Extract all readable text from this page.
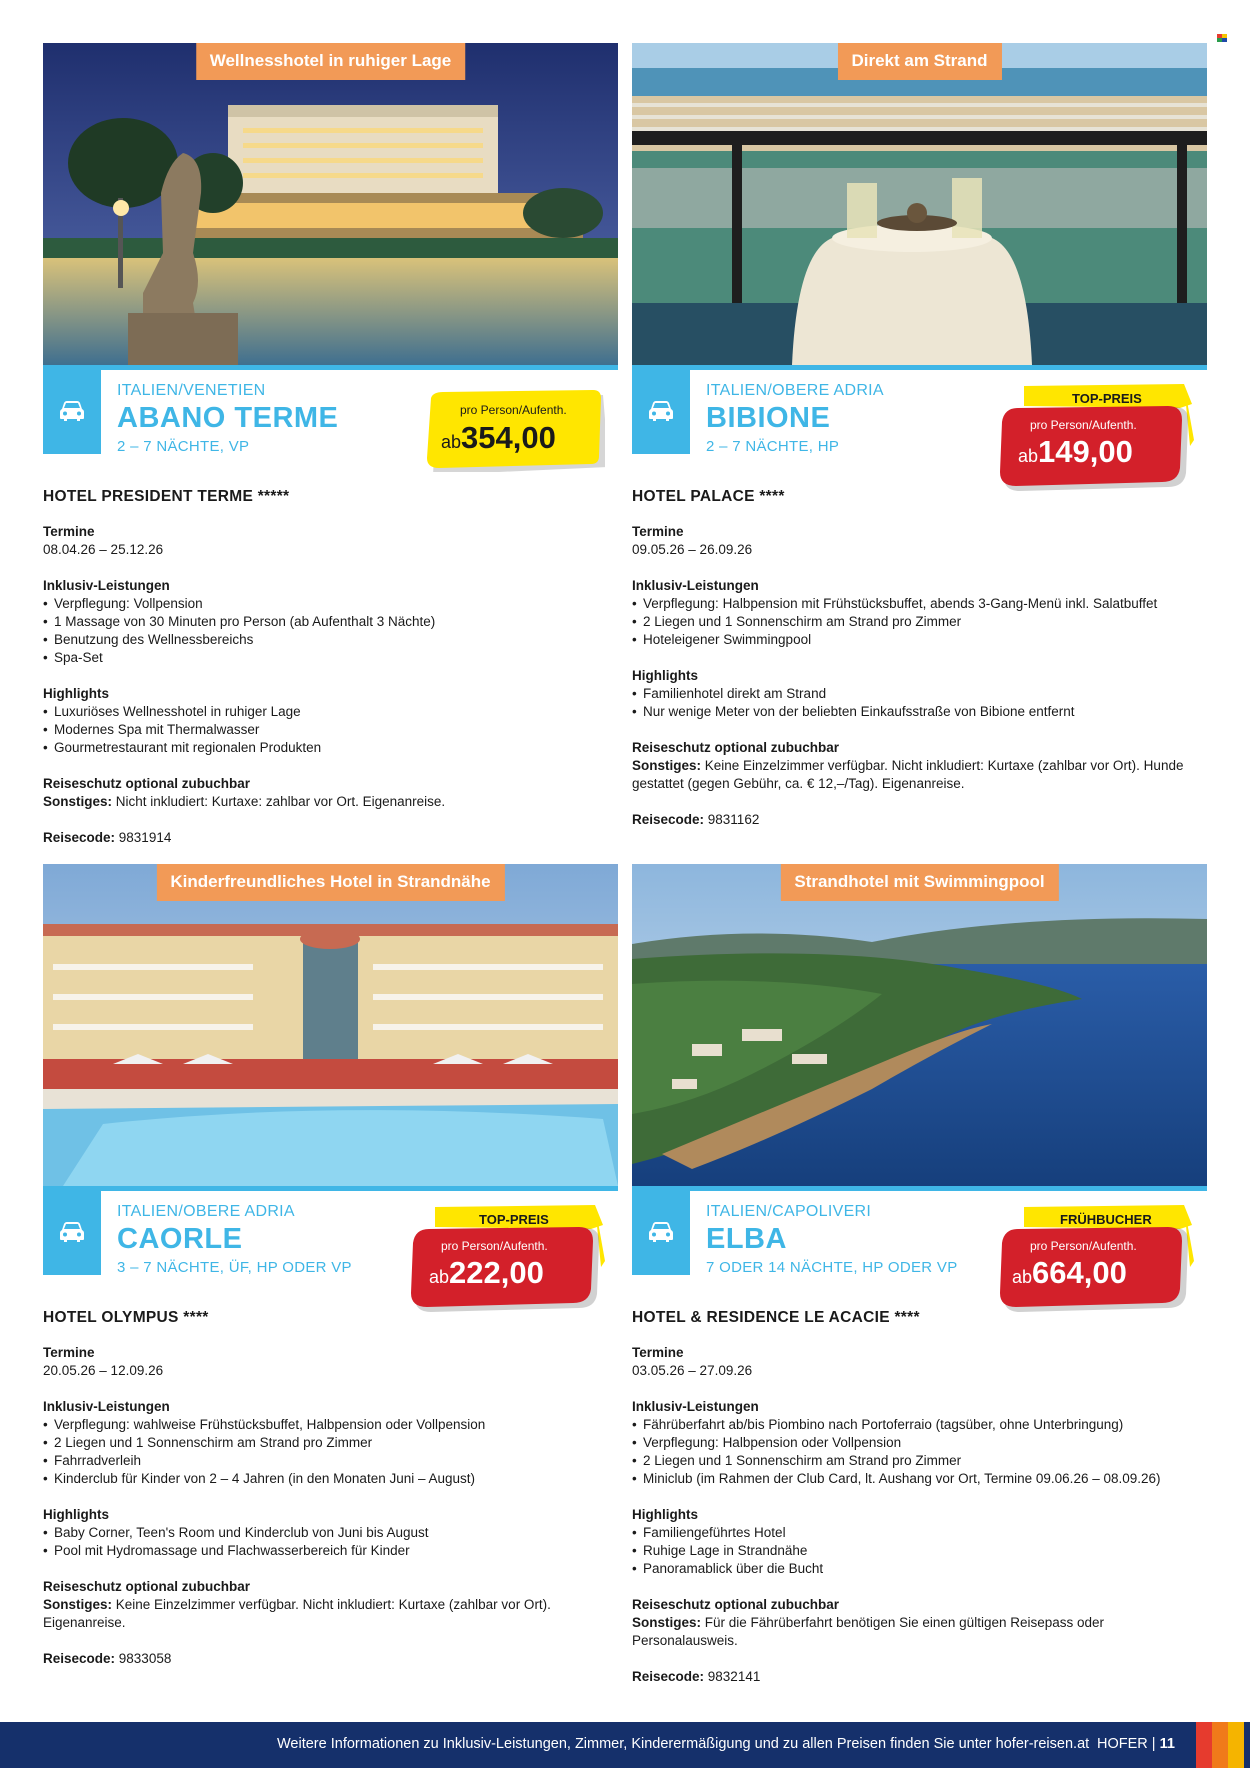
Wellnesshotel in ruhiger Lage
ITALIEN/VENETIEN
ABANO TERME
2 – 7 NÄCHTE, VP
pro Person/Aufenth.
ab354,00
HOTEL PRESIDENT TERME *****
Termine
08.04.26 – 25.12.26
Inklusiv-Leistungen
• Verpflegung: Vollpension
• 1 Massage von 30 Minuten pro Person (ab Aufenthalt 3 Nächte)
• Benutzung des Wellnessbereichs
• Spa-Set
Highlights
• Luxuriöses Wellnesshotel in ruhiger Lage
• Modernes Spa mit Thermalwasser
• Gourmetrestaurant mit regionalen Produkten
Reiseschutz optional zubuchbar
Sonstiges: Nicht inkludiert: Kurtaxe: zahlbar vor Ort. Eigenanreise.
Reisecode: 9831914
Direkt am Strand
ITALIEN/OBERE ADRIA
BIBIONE
2 – 7 NÄCHTE, HP
TOP-PREIS
pro Person/Aufenth.
ab149,00
HOTEL PALACE ****
Termine
09.05.26 – 26.09.26
Inklusiv-Leistungen
• Verpflegung: Halbpension mit Frühstücksbuffet, abends 3-Gang-Menü inkl. Salatbuffet
• 2 Liegen und 1 Sonnenschirm am Strand pro Zimmer
• Hoteleigener Swimmingpool
Highlights
• Familienhotel direkt am Strand
• Nur wenige Meter von der beliebten Einkaufsstraße von Bibione entfernt
Reiseschutz optional zubuchbar
Sonstiges: Keine Einzelzimmer verfügbar. Nicht inkludiert: Kurtaxe (zahlbar vor Ort). Hunde gestattet (gegen Gebühr, ca. € 12,–/Tag). Eigenanreise.
Reisecode: 9831162
Kinderfreundliches Hotel in Strandnähe
ITALIEN/OBERE ADRIA
CAORLE
3 – 7 NÄCHTE, ÜF, HP ODER VP
TOP-PREIS
pro Person/Aufenth.
ab222,00
HOTEL OLYMPUS ****
Termine
20.05.26 – 12.09.26
Inklusiv-Leistungen
• Verpflegung: wahlweise Frühstücksbuffet, Halbpension oder Vollpension
• 2 Liegen und 1 Sonnenschirm am Strand pro Zimmer
• Fahrradverleih
• Kinderclub für Kinder von 2 – 4 Jahren (in den Monaten Juni – August)
Highlights
• Baby Corner, Teen's Room und Kinderclub von Juni bis August
• Pool mit Hydromassage und Flachwasserbereich für Kinder
Reiseschutz optional zubuchbar
Sonstiges: Keine Einzelzimmer verfügbar. Nicht inkludiert: Kurtaxe (zahlbar vor Ort). Eigenanreise.
Reisecode: 9833058
Strandhotel mit Swimmingpool
ITALIEN/CAPOLIVERI
ELBA
7 ODER 14 NÄCHTE, HP ODER VP
FRÜHBUCHER
pro Person/Aufenth.
ab664,00
HOTEL & RESIDENCE LE ACACIE ****
Termine
03.05.26 – 27.09.26
Inklusiv-Leistungen
• Fährüberfahrt ab/bis Piombino nach Portoferraio (tagsüber, ohne Unterbringung)
• Verpflegung: Halbpension oder Vollpension
• 2 Liegen und 1 Sonnenschirm am Strand pro Zimmer
• Miniclub (im Rahmen der Club Card, lt. Aushang vor Ort, Termine 09.06.26 – 08.09.26)
Highlights
• Familiengeführtes Hotel
• Ruhige Lage in Strandnähe
• Panoramablick über die Bucht
Reiseschutz optional zubuchbar
Sonstiges: Für die Fährüberfahrt benötigen Sie einen gültigen Reisepass oder Personalausweis.
Reisecode: 9832141
Weitere Informationen zu Inklusiv-Leistungen, Zimmer, Kinderermäßigung und zu allen Preisen finden Sie unter hofer-reisen.at HOFER | 11
